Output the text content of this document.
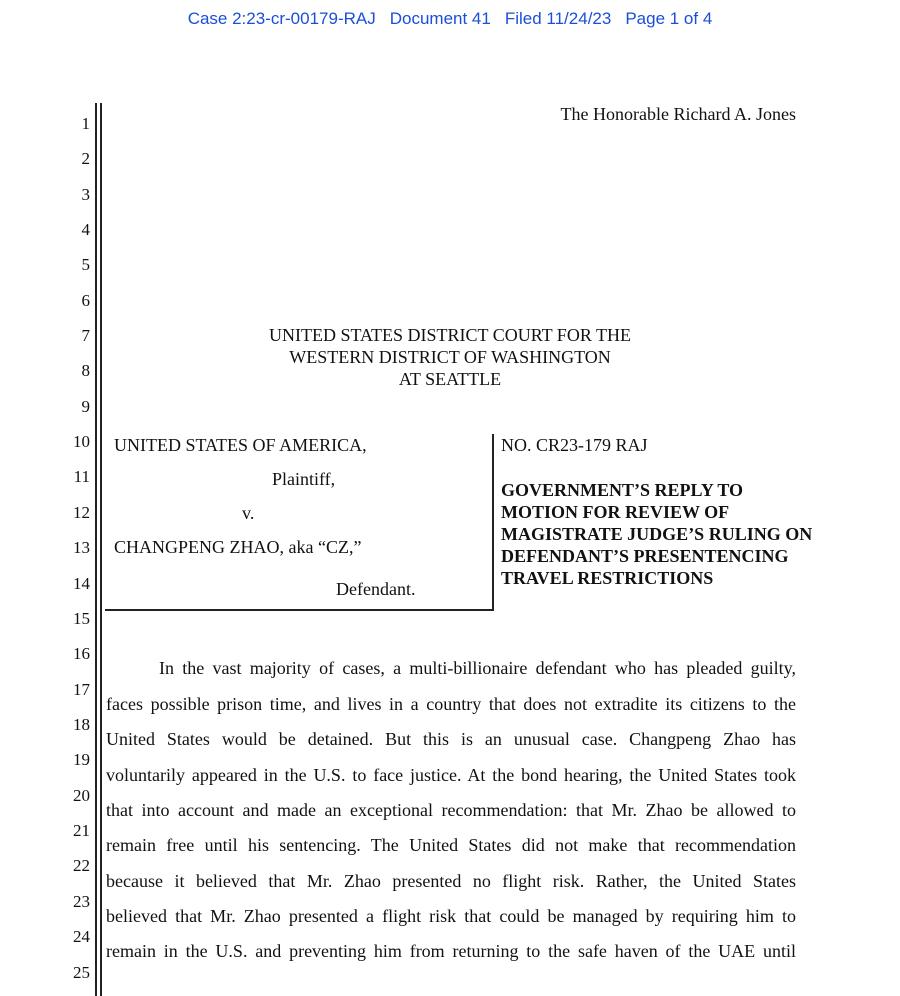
Case 2:23-cr-00179-RAJ Document 41 Filed 11/24/23 Page 1 of 4
1
2
3
4
5
6
7
8
9
10
11
12
13
14
15
16
17
18
19
20
21
22
23
24
25
The Honorable Richard A. Jones
UNITED STATES DISTRICT COURT FOR THE
WESTERN DISTRICT OF WASHINGTON
AT SEATTLE
UNITED STATES OF AMERICA,
Plaintiff,
v.
CHANGPENG ZHAO, aka “CZ,”
Defendant.
NO. CR23-179 RAJ
GOVERNMENT’S REPLY TO
MOTION FOR REVIEW OF
MAGISTRATE JUDGE’S RULING ON
DEFENDANT’S PRESENTENCING
TRAVEL RESTRICTIONS
In the vast majority of cases, a multi-billionaire defendant who has pleaded guilty,
faces possible prison time, and lives in a country that does not extradite its citizens to the
United States would be detained. But this is an unusual case. Changpeng Zhao has
voluntarily appeared in the U.S. to face justice. At the bond hearing, the United States took
that into account and made an exceptional recommendation: that Mr. Zhao be allowed to
remain free until his sentencing. The United States did not make that recommendation
because it believed that Mr. Zhao presented no flight risk. Rather, the United States
believed that Mr. Zhao presented a flight risk that could be managed by requiring him to
remain in the U.S. and preventing him from returning to the safe haven of the UAE until
